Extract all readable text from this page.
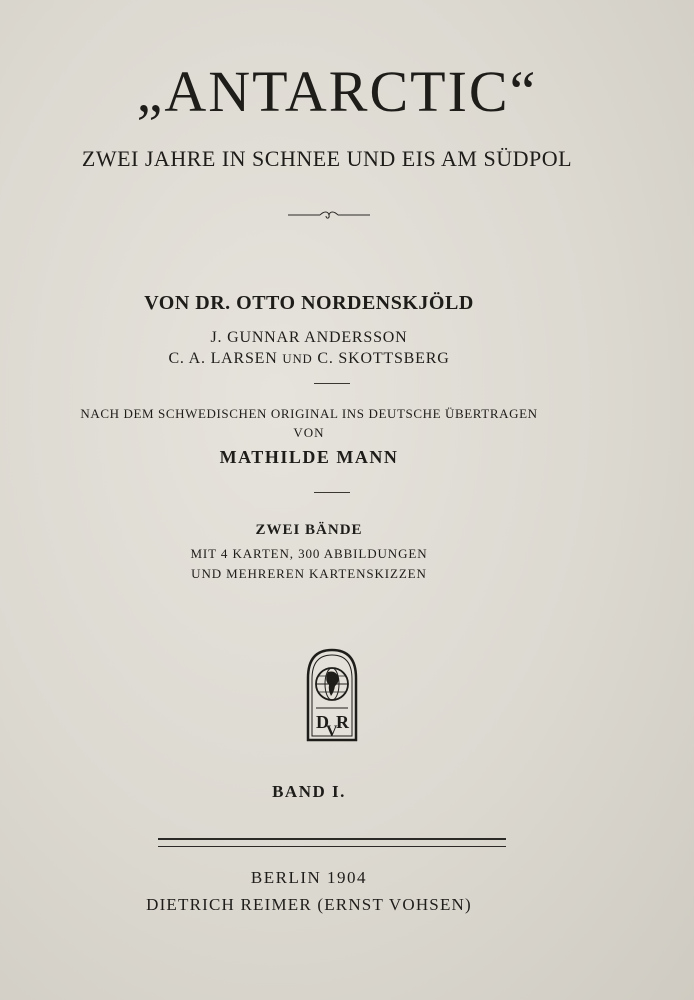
„ANTARCTIC“
ZWEI JAHRE IN SCHNEE UND EIS AM SÜDPOL
VON DR. OTTO NORDENSKJÖLD
J. GUNNAR ANDERSSON
C. A. LARSEN UND C. SKOTTSBERG
NACH DEM SCHWEDISCHEN ORIGINAL INS DEUTSCHE ÜBERTRAGEN
VON
MATHILDE MANN
ZWEI BÄNDE
MIT 4 KARTEN, 300 ABBILDUNGEN
UND MEHREREN KARTENSKIZZEN
D
V
R
BAND I.
BERLIN 1904
DIETRICH REIMER (ERNST VOHSEN)
